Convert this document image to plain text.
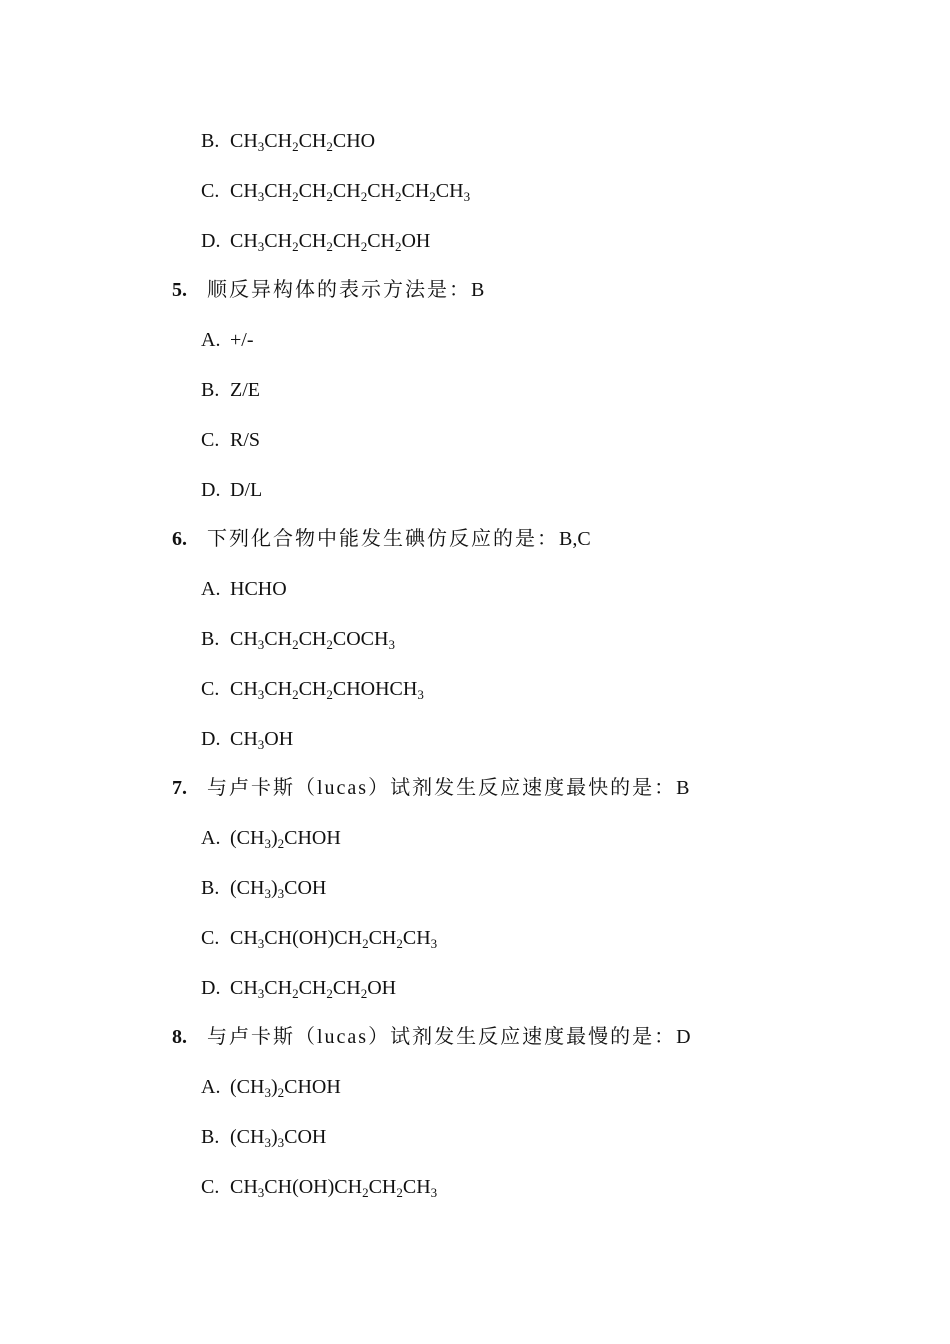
B. $CH_3CH_2CH_2CHO$
C. $CH_3CH_2CH_2CH_2CH_2CH_2CH_3$
D. $CH_3CH_2CH_2CH_2CH_2OH$
5. 顺反异构体的表示方法是：B
A. +/-
B. Z/E
C. R/S
D. D/L
6. 下列化合物中能发生碘仿反应的是：B,C
A. HCHO
B. $CH_3CH_2CH_2COCH_3$
C. $CH_3CH_2CH_2CHOHCH_3$
D. $CH_3OH$
7. 与卢卡斯（lucas）试剂发生反应速度最快的是：B
A. $(CH_3)_2CHOH$
B. $(CH_3)_3COH$
C. $CH_3CH(OH)CH_2CH_2CH_3$
D. $CH_3CH_2CH_2CH_2OH$
8. 与卢卡斯（lucas）试剂发生反应速度最慢的是：D
A. $(CH_3)_2CHOH$
B. $(CH_3)_3COH$
C. $CH_3CH(OH)CH_2CH_2CH_3$
